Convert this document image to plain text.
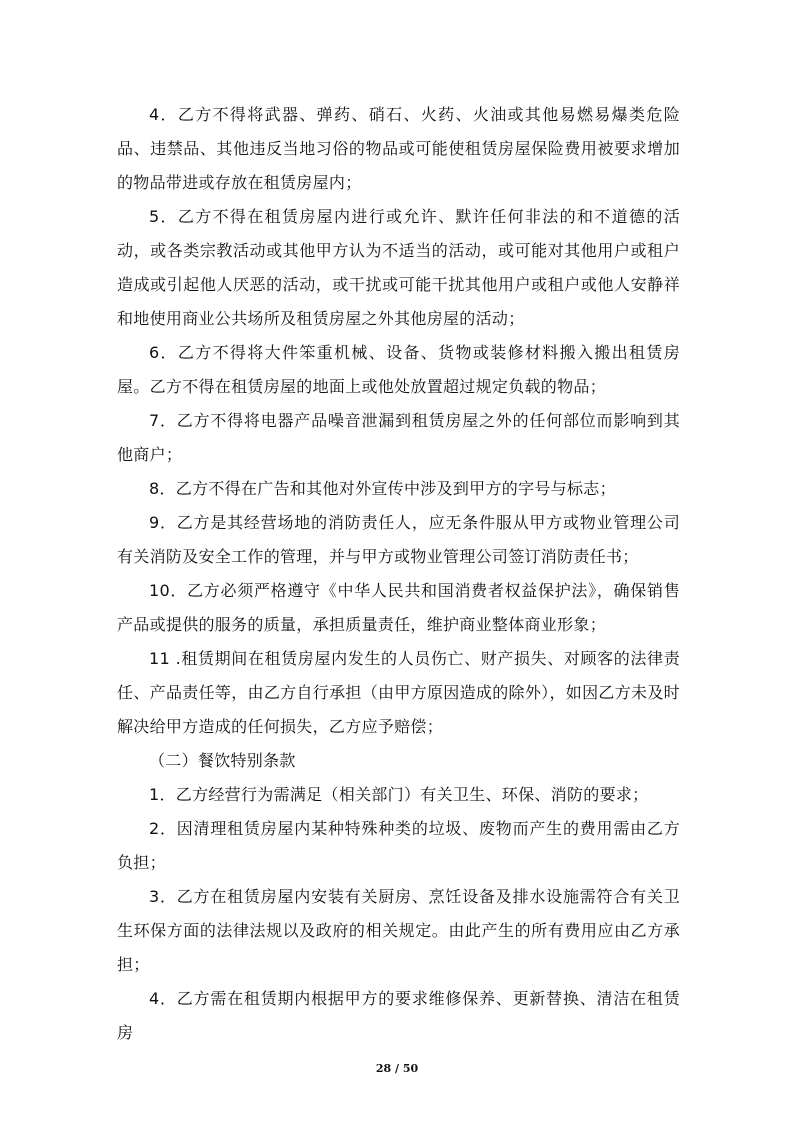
4．乙方不得将武器、弹药、硝石、火药、火油或其他易燃易爆类危险品、违禁品、其他违反当地习俗的物品或可能使租赁房屋保险费用被要求增加的物品带进或存放在租赁房屋内；

5．乙方不得在租赁房屋内进行或允许、默许任何非法的和不道德的活动，或各类宗教活动或其他甲方认为不适当的活动，或可能对其他用户或租户造成或引起他人厌恶的活动，或干扰或可能干扰其他用户或租户或他人安静祥和地使用商业公共场所及租赁房屋之外其他房屋的活动；

6．乙方不得将大件笨重机械、设备、货物或装修材料搬入搬出租赁房屋。乙方不得在租赁房屋的地面上或他处放置超过规定负载的物品；

7．乙方不得将电器产品噪音泄漏到租赁房屋之外的任何部位而影响到其他商户；

8．乙方不得在广告和其他对外宣传中涉及到甲方的字号与标志；

9．乙方是其经营场地的消防责任人，应无条件服从甲方或物业管理公司有关消防及安全工作的管理，并与甲方或物业管理公司签订消防责任书；

10．乙方必须严格遵守《中华人民共和国消费者权益保护法》，确保销售产品或提供的服务的质量，承担质量责任，维护商业整体商业形象；

11 .租赁期间在租赁房屋内发生的人员伤亡、财产损失、对顾客的法律责任、产品责任等，由乙方自行承担（由甲方原因造成的除外），如因乙方未及时解决给甲方造成的任何损失，乙方应予赔偿；

（二）餐饮特别条款

1．乙方经营行为需满足（相关部门）有关卫生、环保、消防的要求；

2．因清理租赁房屋内某种特殊种类的垃圾、废物而产生的费用需由乙方负担；

3．乙方在租赁房屋内安装有关厨房、烹饪设备及排水设施需符合有关卫生环保方面的法律法规以及政府的相关规定。由此产生的所有费用应由乙方承担；

4．乙方需在租赁期内根据甲方的要求维修保养、更新替换、清洁在租赁房

28 / 50
